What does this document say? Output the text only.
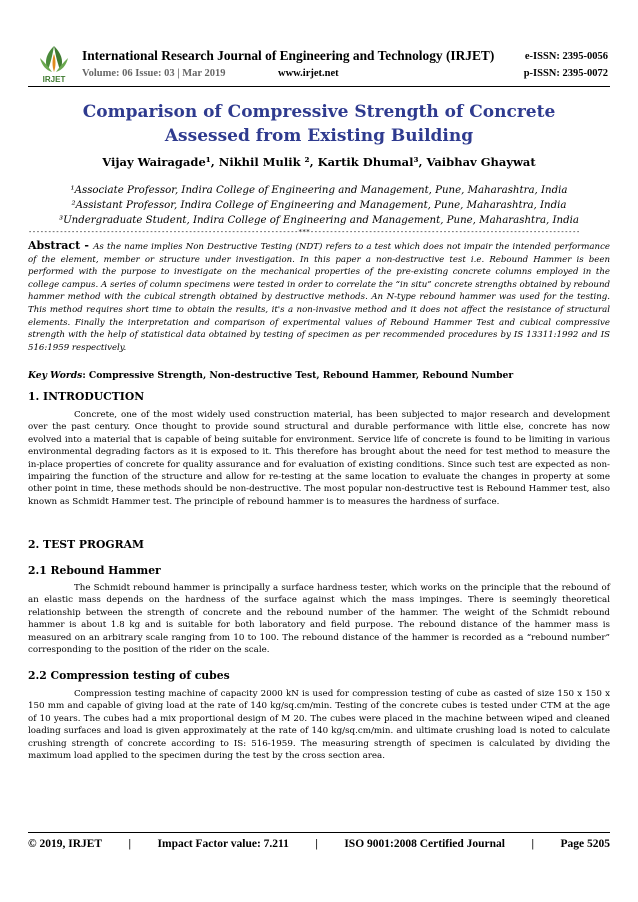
IRJET
International Research Journal of Engineering and Technology (IRJET)
Volume: 06 Issue: 03 | Mar 2019	www.irjet.net
e-ISSN: 2395-0056
p-ISSN: 2395-0072
Comparison of Compressive Strength of Concrete Assessed from Existing Building
Vijay Wairagade¹, Nikhil Mulik ², Kartik Dhumal³, Vaibhav Ghaywat
¹Associate Professor, Indira College of Engineering and Management, Pune, Maharashtra, India
²Assistant Professor, Indira College of Engineering and Management, Pune, Maharashtra, India
³Undergraduate Student, Indira College of Engineering and Management, Pune, Maharashtra, India
---------------------------------------------------------------------***---------------------------------------------------------------------
Abstract - As the name implies Non Destructive Testing (NDT) refers to a test which does not impair the intended performance of the element, member or structure under investigation. In this paper a non-destructive test i.e. Rebound Hammer is been performed with the purpose to investigate on the mechanical properties of the pre-existing concrete columns employed in the college campus. A series of column specimens were tested in order to correlate the “in situ” concrete strengths obtained by rebound hammer method with the cubical strength obtained by destructive methods. An N-type rebound hammer was used for the testing. This method requires short time to obtain the results, it's a non-invasive method and it does not affect the resistance of structural elements. Finally the interpretation and comparison of experimental values of Rebound Hammer Test and cubical compressive strength with the help of statistical data obtained by testing of specimen as per recommended procedures by IS 13311:1992 and IS 516:1959 respectively.
Key Words: Compressive Strength, Non-destructive Test, Rebound Hammer, Rebound Number
1. INTRODUCTION
Concrete, one of the most widely used construction material, has been subjected to major research and development over the past century. Once thought to provide sound structural and durable performance with little else, concrete has now evolved into a material that is capable of being suitable for environment. Service life of concrete is found to be limiting in various environmental degrading factors as it is exposed to it. This therefore has brought about the need for test method to measure the in-place properties of concrete for quality assurance and for evaluation of existing conditions. Since such test are expected as non-impairing the function of the structure and allow for re-testing at the same location to evaluate the changes in property at some other point in time, these methods should be non-destructive. The most popular non-destructive test is Rebound Hammer test, also known as Schmidt Hammer test. The principle of rebound hammer is to measures the hardness of surface.
2. TEST PROGRAM
2.1 Rebound Hammer
The Schmidt rebound hammer is principally a surface hardness tester, which works on the principle that the rebound of an elastic mass depends on the hardness of the surface against which the mass impinges. There is seemingly theoretical relationship between the strength of concrete and the rebound number of the hammer. The weight of the Schmidt rebound hammer is about 1.8 kg and is suitable for both laboratory and field purpose. The rebound distance of the hammer mass is measured on an arbitrary scale ranging from 10 to 100. The rebound distance of the hammer is recorded as a “rebound number” corresponding to the position of the rider on the scale.
2.2 Compression testing of cubes
Compression testing machine of capacity 2000 kN is used for compression testing of cube as casted of size 150 x 150 x 150 mm and capable of giving load at the rate of 140 kg/sq.cm/min. Testing of the concrete cubes is tested under CTM at the age of 10 years. The cubes had a mix proportional design of M 20. The cubes were placed in the machine between wiped and cleaned loading surfaces and load is given approximately at the rate of 140 kg/sq.cm/min. and ultimate crushing load is noted to calculate crushing strength of concrete according to IS: 516-1959. The measuring strength of specimen is calculated by dividing the maximum load applied to the specimen during the test by the cross section area.
© 2019, IRJET | Impact Factor value: 7.211 | ISO 9001:2008 Certified Journal | Page 5205
